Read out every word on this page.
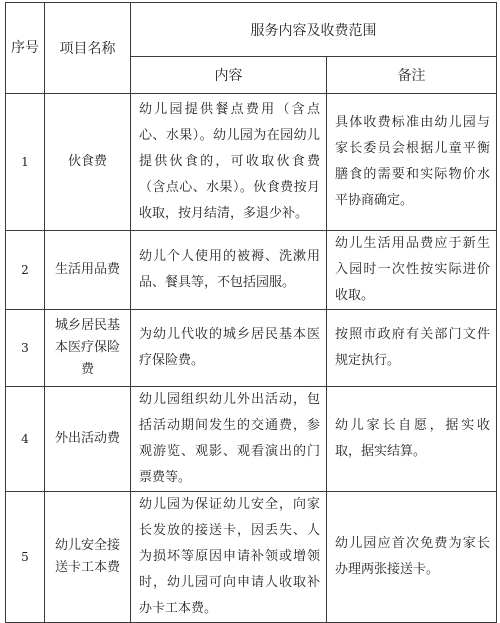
序号	项目名称	服务内容及收费范围	
		内容	备注
1	伙食费	幼儿园提供餐点费用（含点心、水果）。幼儿园为在园幼儿提供伙食的，可收取伙食费（含点心、水果）。伙食费按月收取，按月结清，多退少补。	具体收费标准由幼儿园与家长委员会根据儿童平衡膳食的需要和实际物价水平协商确定。
2	生活用品费	幼儿个人使用的被褥、洗漱用品、餐具等，不包括园服。	幼儿生活用品费应于新生入园时一次性按实际进价收取。
3	城乡居民基本医疗保险费	为幼儿代收的城乡居民基本医疗保险费。	按照市政府有关部门文件规定执行。
4	外出活动费	幼儿园组织幼儿外出活动，包括活动期间发生的交通费，参观游览、观影、观看演出的门票费等。	幼儿家长自愿，据实收取，据实结算。
5	幼儿安全接送卡工本费	幼儿园为保证幼儿安全，向家长发放的接送卡，因丢失、人为损坏等原因申请补领或增领时，幼儿园可向申请人收取补办卡工本费。	幼儿园应首次免费为家长办理两张接送卡。
